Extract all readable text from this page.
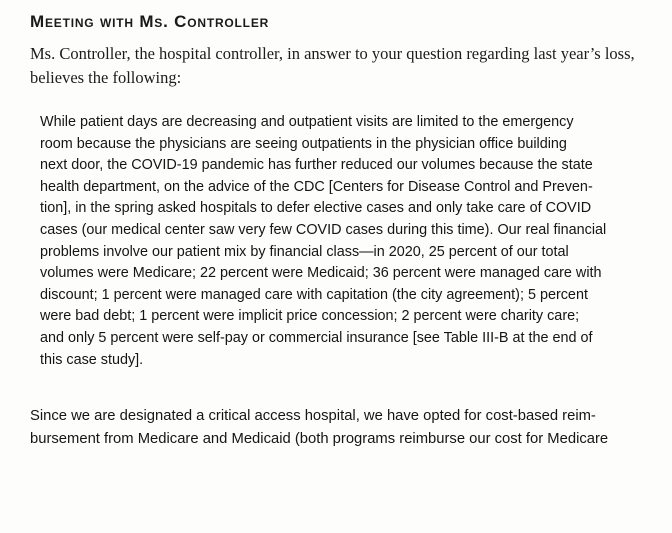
Meeting with Ms. Controller

Ms. Controller, the hospital controller, in answer to your question regarding last year’s loss,
believes the following:

While patient days are decreasing and outpatient visits are limited to the emergency
room because the physicians are seeing outpatients in the physician office building
next door, the COVID-19 pandemic has further reduced our volumes because the state
health department, on the advice of the CDC [Centers for Disease Control and Preven-
tion], in the spring asked hospitals to defer elective cases and only take care of COVID
cases (our medical center saw very few COVID cases during this time). Our real financial
problems involve our patient mix by financial class—in 2020, 25 percent of our total
volumes were Medicare; 22 percent were Medicaid; 36 percent were managed care with
discount; 1 percent were managed care with capitation (the city agreement); 5 percent
were bad debt; 1 percent were implicit price concession; 2 percent were charity care;
and only 5 percent were self-pay or commercial insurance [see Table III-B at the end of
this case study].

Since we are designated a critical access hospital, we have opted for cost-based reim-
bursement from Medicare and Medicaid (both programs reimburse our cost for Medicare
